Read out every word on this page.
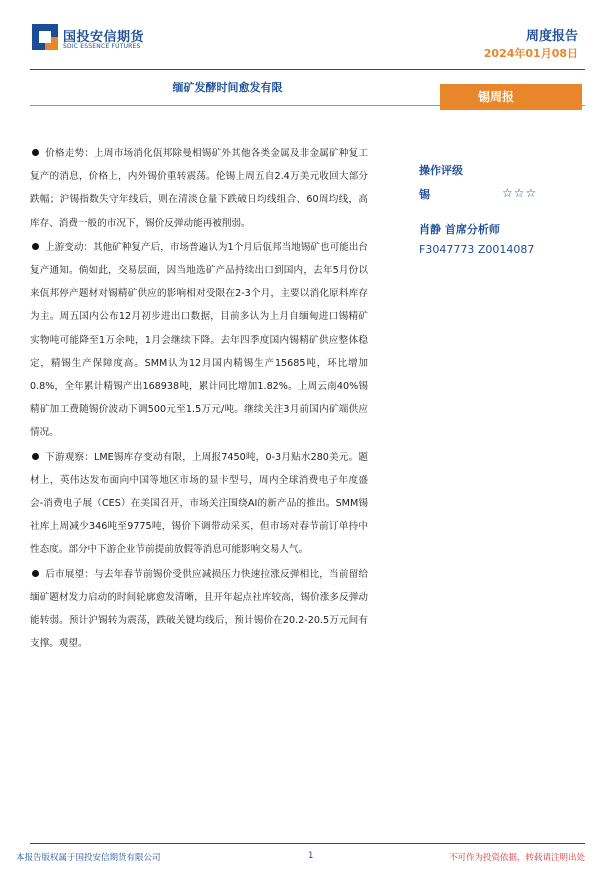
国投安信期货
SDIC ESSENCE FUTURES
周度报告
2024年01月08日
缅矿发酵时间愈发有限
锡周报

价格走势：上周市场消化佤邦除曼相锡矿外其他各类金属及非金属矿种复工复产的消息，价格上，内外锡价重转震荡。伦锡上周五自2.4万美元收回大部分跌幅；沪锡指数失守年线后，则在清淡仓量下跌破日均线组合、60周均线，高库存、消费一般的市况下，锡价反弹动能再被削弱。

上游变动：其他矿种复产后，市场普遍认为1个月后佤邦当地锡矿也可能出台复产通知。倘如此，交易层面，因当地选矿产品持续出口到国内，去年5月份以来佤邦停产题材对锡精矿供应的影响相对受限在2-3个月，主要以消化原料库存为主。周五国内公布12月初步进出口数据，目前多认为上月自缅甸进口锡精矿实物吨可能降至1万余吨，1月会继续下降。去年四季度国内锡精矿供应整体稳定，精锡生产保障度高。SMM认为12月国内精锡生产15685吨，环比增加0.8%，全年累计精锡产出168938吨，累计同比增加1.82%。上周云南40%锡精矿加工费随锡价波动下调500元至1.5万元/吨。继续关注3月前国内矿端供应情况。

下游观察：LME锡库存变动有限，上周报7450吨，0-3月贴水280美元。题材上，英伟达发布面向中国等地区市场的显卡型号，周内全球消费电子年度盛会-消费电子展（CES）在美国召开，市场关注围绕AI的新产品的推出。SMM锡社库上周减少346吨至9775吨，锡价下调带动采买，但市场对春节前订单持中性态度。部分中下游企业节前提前放假等消息可能影响交易人气。

后市展望：与去年春节前锡价受供应减损压力快速拉涨反弹相比，当前留给缅矿题材发力启动的时间轮廓愈发清晰，且开年起点社库较高，锡价涨多反弹动能转弱。预计沪锡转为震荡，跌破关键均线后，预计锡价在20.2-20.5万元间有支撑。观望。

操作评级
锡	☆☆☆
肖静 首席分析师
F3047773 Z0014087
本报告版权属于国投安信期货有限公司	1	不可作为投资依据，转载请注明出处
